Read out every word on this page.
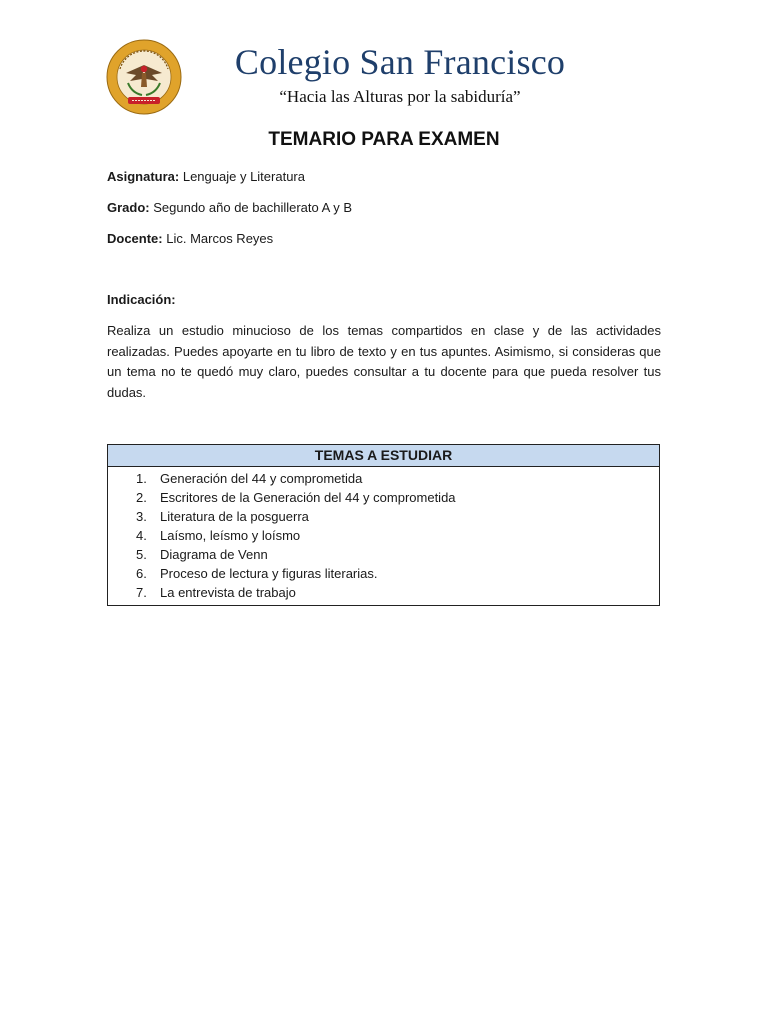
Colegio San Francisco
“Hacia las Alturas por la sabiduría”
TEMARIO PARA EXAMEN
Asignatura: Lenguaje y Literatura
Grado: Segundo año de bachillerato A y B
Docente: Lic. Marcos Reyes
Indicación:
Realiza un estudio minucioso de los temas compartidos en clase y de las actividades realizadas. Puedes apoyarte en tu libro de texto y en tus apuntes. Asimismo, si consideras que un tema no te quedó muy claro, puedes consultar a tu docente para que pueda resolver tus dudas.
TEMAS A ESTUDIAR
1.	Generación del 44 y comprometida
2.	Escritores de la Generación del 44 y comprometida
3.	Literatura de la posguerra
4.	Laísmo, leísmo y loísmo
5.	Diagrama de Venn
6.	Proceso de lectura y figuras literarias.
7.	La entrevista de trabajo
